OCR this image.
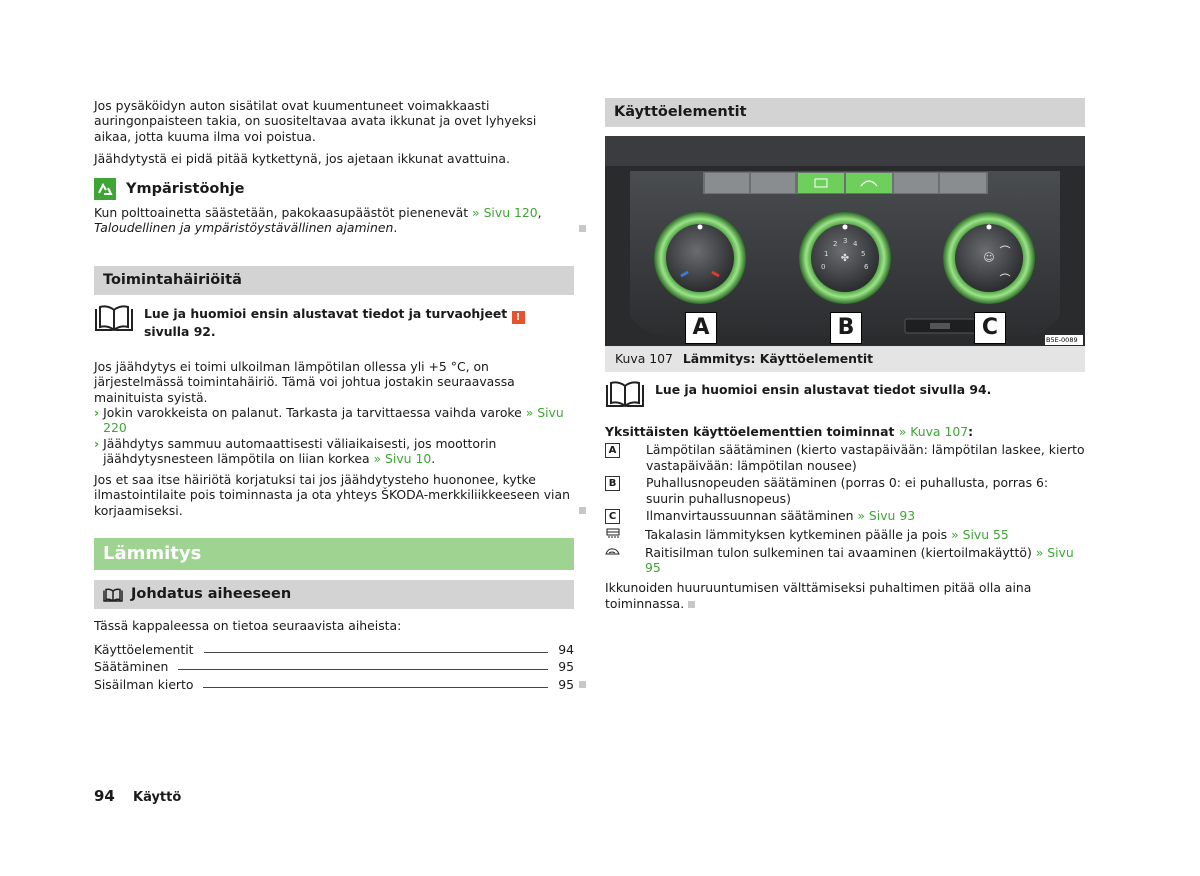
Jos pysäköidyn auton sisätilat ovat kuumentuneet voimakkaasti auringonpaisteen takia, on suositeltavaa avata ikkunat ja ovet lyhyeksi aikaa, jotta kuuma ilma voi poistua.

Jäähdytystä ei pidä pitää kytkettynä, jos ajetaan ikkunat avattuina.

Ympäristöohje

Kun polttoainetta säästetään, pakokaasupäästöt pienenevät » Sivu 120, Taloudellinen ja ympäristöystävällinen ajaminen.

Toimintahäiriöitä
Lue ja huomioi ensin alustavat tiedot ja turvaohjeet ! sivulla 92.

Jos jäähdytys ei toimi ulkoilman lämpötilan ollessa yli +5 °C, on järjestelmässä toimintahäiriö. Tämä voi johtua jostakin seuraavassa mainituista syistä.

› Jokin varokkeista on palanut. Tarkasta ja tarvittaessa vaihda varoke » Sivu 220
› Jäähdytys sammuu automaattisesti väliaikaisesti, jos moottorin jäähdytysnesteen lämpötila on liian korkea » Sivu 10.

Jos et saa itse häiriötä korjatuksi tai jos jäähdytysteho huononee, kytke ilmastointilaite pois toiminnasta ja ota yhteys ŠKODA-merkkiliikkeeseen vian korjaamiseksi.

Lämmitys
Johdatus aiheeseen

Tässä kappaleessa on tietoa seuraavista aiheista:

Käyttöelementit	94
Säätäminen	95
Sisäilman kierto	95
Käyttöelementit
✤	☺
0
1
2 3 4
5
6
A	B	C	B5E-0089
Kuva 107 Lämmitys: Käyttöelementit
Lue ja huomioi ensin alustavat tiedot sivulla 94.

Yksittäisten käyttöelementtien toiminnat » Kuva 107:

A Lämpötilan säätäminen (kierto vastapäivään: lämpötilan laskee, kierto vastapäivään: lämpötilan nousee)
B Puhallusnopeuden säätäminen (porras 0: ei puhallusta, porras 6: suurin puhallusnopeus)
C	Ilmanvirtaussuunnan säätäminen » Sivu 93
Takalasin lämmityksen kytkeminen päälle ja pois » Sivu 55
Raitisilman tulon sulkeminen tai avaaminen (kiertoilmakäyttö) » Sivu 95

Ikkunoiden huuruuntumisen välttämiseksi puhaltimen pitää olla aina toiminnassa.

94 Käyttö
